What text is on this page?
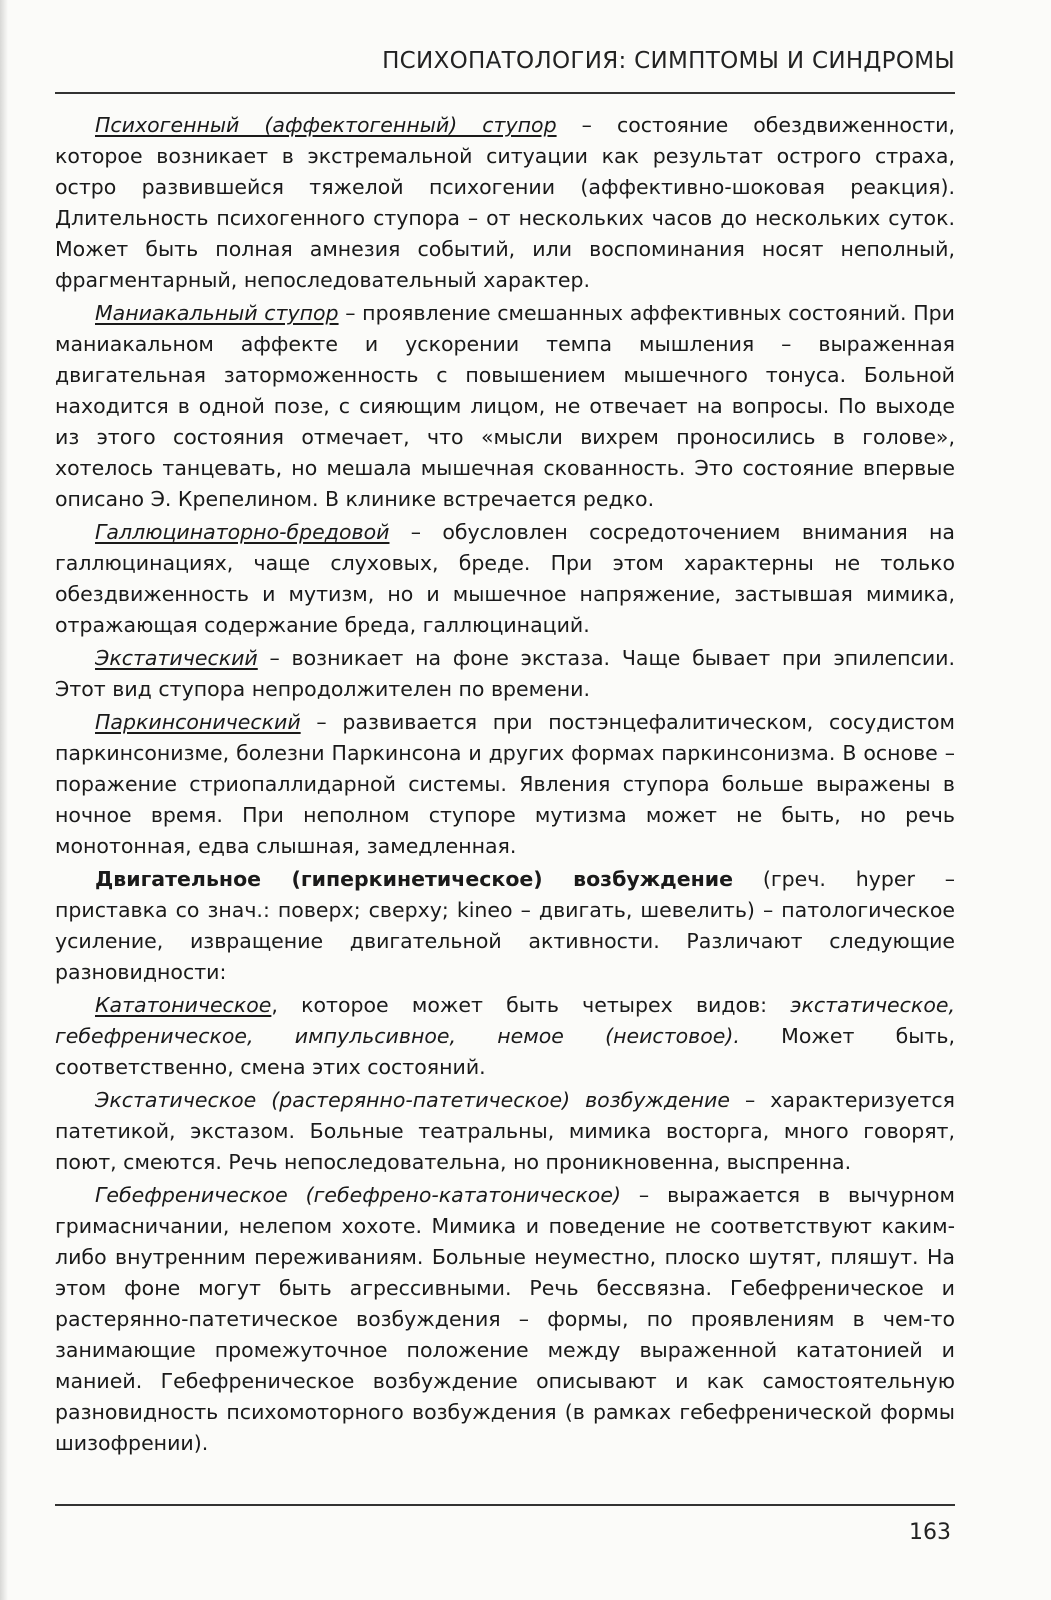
ПСИХОПАТОЛОГИЯ: СИМПТОМЫ И СИНДРОМЫ

Психогенный (аффектогенный) ступор – состояние обездвиженности, которое возникает в экстремальной ситуации как результат острого страха, остро развившейся тяжелой психогении (аффективно-шоковая реакция). Длительность психогенного ступора – от нескольких часов до нескольких суток. Может быть полная амнезия событий, или воспоминания носят неполный, фрагментарный, непоследовательный характер.

Маниакальный ступор – проявление смешанных аффективных состояний. При маниакальном аффекте и ускорении темпа мышления – выраженная двигательная заторможенность с повышением мышечного тонуса. Больной находится в одной позе, с сияющим лицом, не отвечает на вопросы. По выходе из этого состояния отмечает, что «мысли вихрем проносились в голове», хотелось танцевать, но мешала мышечная скованность. Это состояние впервые описано Э. Крепелином. В клинике встречается редко.

Галлюцинаторно-бредовой – обусловлен сосредоточением внимания на галлюцинациях, чаще слуховых, бреде. При этом характерны не только обездвиженность и мутизм, но и мышечное напряжение, застывшая мимика, отражающая содержание бреда, галлюцинаций.

Экстатический – возникает на фоне экстаза. Чаще бывает при эпилепсии. Этот вид ступора непродолжителен по времени.

Паркинсонический – развивается при постэнцефалитическом, сосудистом паркинсонизме, болезни Паркинсона и других формах паркинсонизма. В основе – поражение стриопаллидарной системы. Явления ступора больше выражены в ночное время. При неполном ступоре мутизма может не быть, но речь монотонная, едва слышная, замедленная.

Двигательное (гиперкинетическое) возбуждение (греч. hyper – приставка со знач.: поверх; сверху; kineo – двигать, шевелить) – патологическое усиление, извращение двигательной активности. Различают следующие разновидности:

Кататоническое, которое может быть четырех видов: экстатическое, гебефреническое, импульсивное, немое (неистовое). Может быть, соответственно, смена этих состояний.

Экстатическое (растерянно-патетическое) возбуждение – характеризуется патетикой, экстазом. Больные театральны, мимика восторга, много говорят, поют, смеются. Речь непоследовательна, но проникновенна, выспренна.

Гебефреническое (гебефрено-кататоническое) – выражается в вычурном гримасничании, нелепом хохоте. Мимика и поведение не соответствуют каким-либо внутренним переживаниям. Больные неуместно, плоско шутят, пляшут. На этом фоне могут быть агрессивными. Речь бессвязна. Гебефреническое и растерянно-патетическое возбуждения – формы, по проявлениям в чем-то занимающие промежуточное положение между выраженной кататонией и манией. Гебефреническое возбуждение описывают и как самостоятельную разновидность психомоторного возбуждения (в рамках гебефренической формы шизофрении).

163
